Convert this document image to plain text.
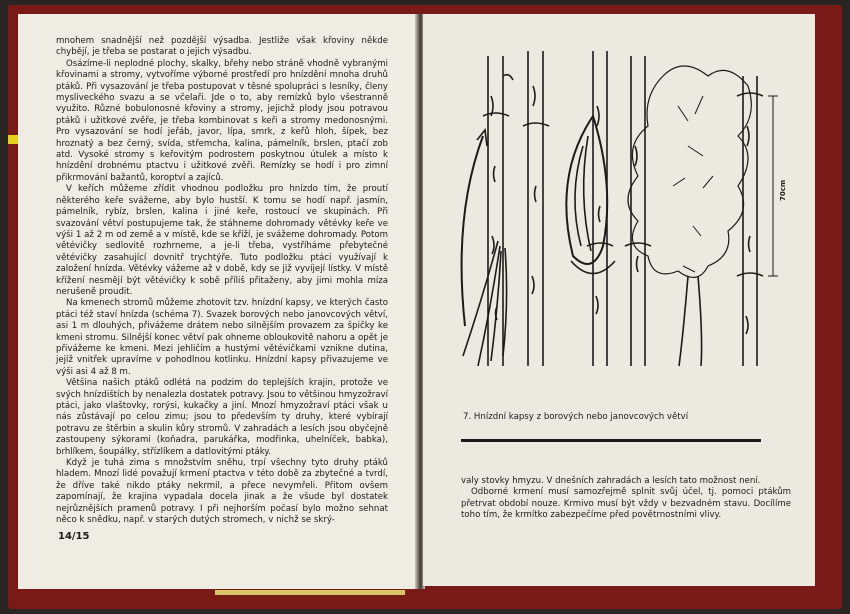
mnohem snadnější než pozdější výsadba. Jestliže však křoviny někde chybějí, je třeba se postarat o jejich výsadbu.

Osázíme-li neplodné plochy, skalky, břehy nebo stráně vhodně vybranými křovinami a stromy, vytvoříme výborné prostředí pro hnízdění mnoha druhů ptáků. Při vysazování je třeba postupovat v těsné spolupráci s lesníky, členy mysliveckého svazu a se včelaři. Jde o to, aby remízků bylo všestranně využito. Různé bobulonosné křoviny a stromy, jejichž plody jsou potravou ptáků i užitkové zvěře, je třeba kombinovat s keři a stromy medonosnými. Pro vysazování se hodí jeřáb, javor, lípa, smrk, z keřů hloh, šípek, bez hroznatý a bez černý, svída, střemcha, kalina, pámelník, brslen, ptačí zob atd. Vysoké stromy s keřovitým podrostem poskytnou útulek a místo k hnízdění drobnému ptactvu i užitkové zvěři. Remízky se hodí i pro zimní přikrmování bažantů, koroptví a zajíců.

V keřích můžeme zřídit vhodnou podložku pro hnízdo tím, že proutí některého keře svážeme, aby bylo hustší. K tomu se hodí např. jasmín, pámelník, rybíz, brslen, kalina i jiné keře, rostoucí ve skupinách. Při svazování větví postupujeme tak, že stáhneme dohromady větévky keře ve výši 1 až 2 m od země a v místě, kde se kříží, je svážeme dohromady. Potom větévičky sedlovitě rozhrneme, a je-li třeba, vystříháme přebytečné větévičky zasahující dovnitř trychtýře. Tuto podložku ptáci využívají k založení hnízda. Větévky vážeme až v době, kdy se již vyvíjejí lístky. V místě křížení nesmějí být větévičky k sobě příliš přitaženy, aby jimi mohla míza nerušeně proudit.

Na kmenech stromů můžeme zhotovit tzv. hnízdní kapsy, ve kterých často ptáci též staví hnízda (schéma 7). Svazek borových nebo janovcových větví, asi 1 m dlouhých, přivážeme drátem nebo silnějším provazem za špičky ke kmeni stromu. Silnější konec větví pak ohneme obloukovitě nahoru a opět je přivážeme ke kmeni. Mezi jehličím a hustými větévičkami vznikne dutina, jejíž vnitřek upravíme v pohodlnou kotlinku. Hnízdní kapsy přivazujeme ve výši asi 4 až 8 m.

Většina našich ptáků odlétá na podzim do teplejších krajin, protože ve svých hnízdištích by nenalezla dostatek potravy. Jsou to většinou hmyzožraví ptáci, jako vlaštovky, rorýsi, kukačky a jiní. Mnozí hmyzožraví ptáci však u nás zůstávají po celou zimu; jsou to především ty druhy, které vybírají potravu ze štěrbin a skulin kůry stromů. V zahradách a lesích jsou obyčejně zastoupeny sýkorami (koňadra, parukářka, modřinka, uhelníček, babka), brhlíkem, šoupálky, střízlíkem a datlovitými ptáky.

Když je tuhá zima s množstvím sněhu, trpí všechny tyto druhy ptáků hladem. Mnozí lidé považují krmení ptactva v této době za zbytečné a tvrdí, že dříve také nikdo ptáky nekrmil, a přece nevymřeli. Přitom ovšem zapomínají, že krajina vypadala docela jinak a že všude byl dostatek nejrůznějších pramenů potravy. I při nejhorším počasí bylo možno sehnat něco k snědku, např. v starých dutých stromech, v nichž se skrý-

14/15
70cm
7. Hnízdní kapsy z borových nebo janovcových větví

valy stovky hmyzu. V dnešních zahradách a lesích tato možnost není.

Odborné krmení musí samozřejmě splnit svůj účel, tj. pomoci ptákům přetrvat období nouze. Krmivo musí být vždy v bezvadném stavu. Docílíme toho tím, že krmítko zabezpečíme před povětrnostními vlivy.
